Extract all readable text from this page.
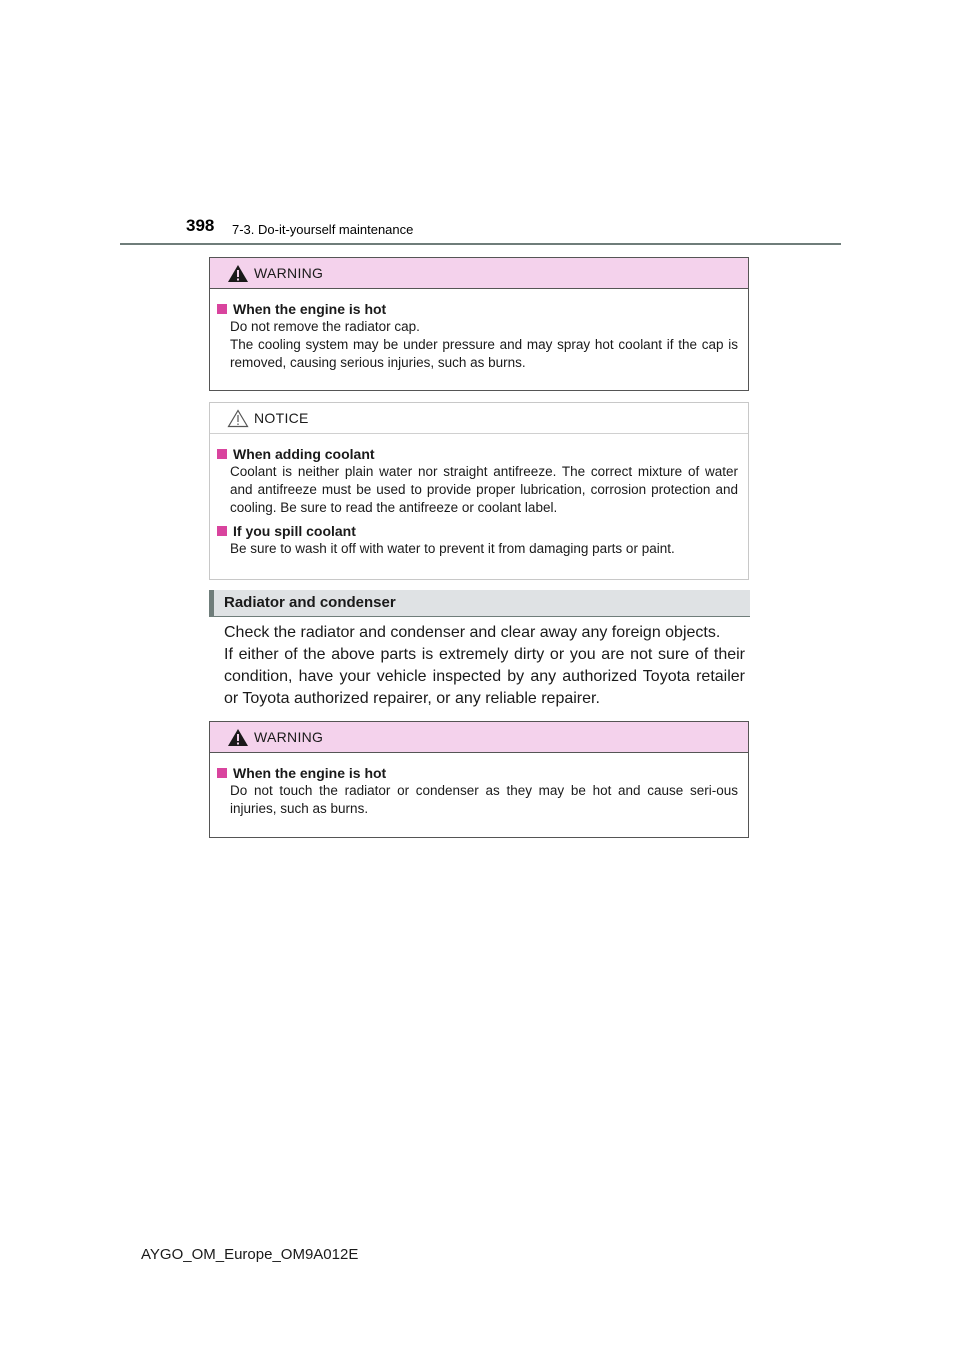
398 7-3. Do-it-yourself maintenance
WARNING
When the engine is hot
Do not remove the radiator cap.
The cooling system may be under pressure and may spray hot coolant if the cap is removed, causing serious injuries, such as burns.
NOTICE
When adding coolant
Coolant is neither plain water nor straight antifreeze. The correct mixture of water and antifreeze must be used to provide proper lubrication, corrosion protection and cooling. Be sure to read the antifreeze or coolant label.
If you spill coolant
Be sure to wash it off with water to prevent it from damaging parts or paint.
Radiator and condenser

Check the radiator and condenser and clear away any foreign objects.

If either of the above parts is extremely dirty or you are not sure of their condition, have your vehicle inspected by any authorized Toyota retailer or Toyota authorized repairer, or any reliable repairer.

WARNING
When the engine is hot
Do not touch the radiator or condenser as they may be hot and cause seri-ous injuries, such as burns.
AYGO_OM_Europe_OM9A012E
